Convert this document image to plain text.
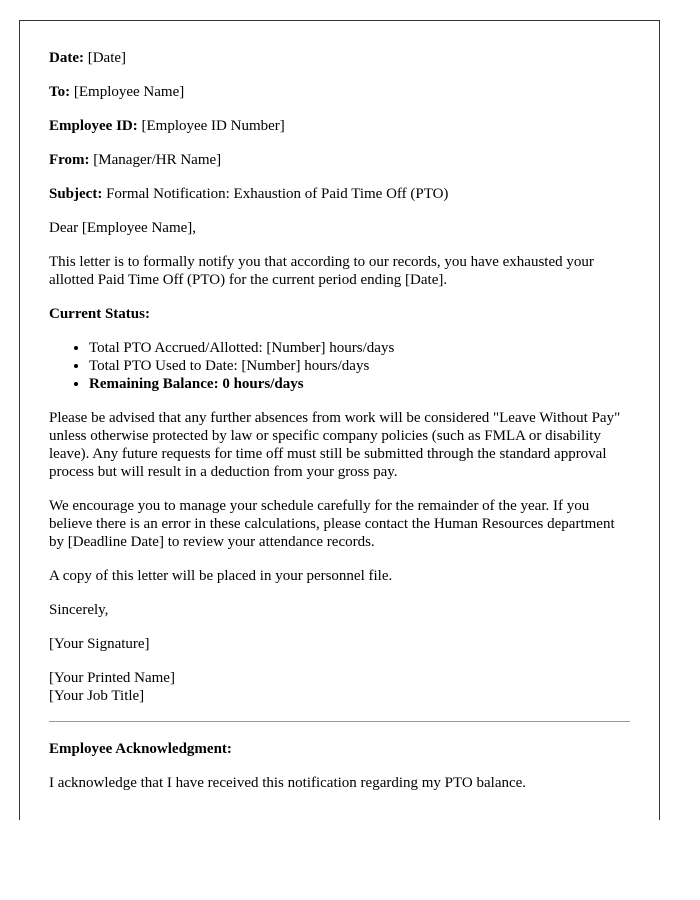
Date: [Date]

To: [Employee Name]

Employee ID: [Employee ID Number]

From: [Manager/HR Name]

Subject: Formal Notification: Exhaustion of Paid Time Off (PTO)

Dear [Employee Name],

This letter is to formally notify you that according to our records, you have exhausted your allotted Paid Time Off (PTO) for the current period ending [Date].

Current Status:

• Total PTO Accrued/Allotted: [Number] hours/days
• Total PTO Used to Date: [Number] hours/days
• Remaining Balance: 0 hours/days

Please be advised that any further absences from work will be considered "Leave Without Pay" unless otherwise protected by law or specific company policies (such as FMLA or disability leave). Any future requests for time off must still be submitted through the standard approval process but will result in a deduction from your gross pay.

We encourage you to manage your schedule carefully for the remainder of the year. If you believe there is an error in these calculations, please contact the Human Resources department by [Deadline Date] to review your attendance records.

A copy of this letter will be placed in your personnel file.

Sincerely,

[Your Signature]

[Your Printed Name]

[Your Job Title]

Employee Acknowledgment:

I acknowledge that I have received this notification regarding my PTO balance.
